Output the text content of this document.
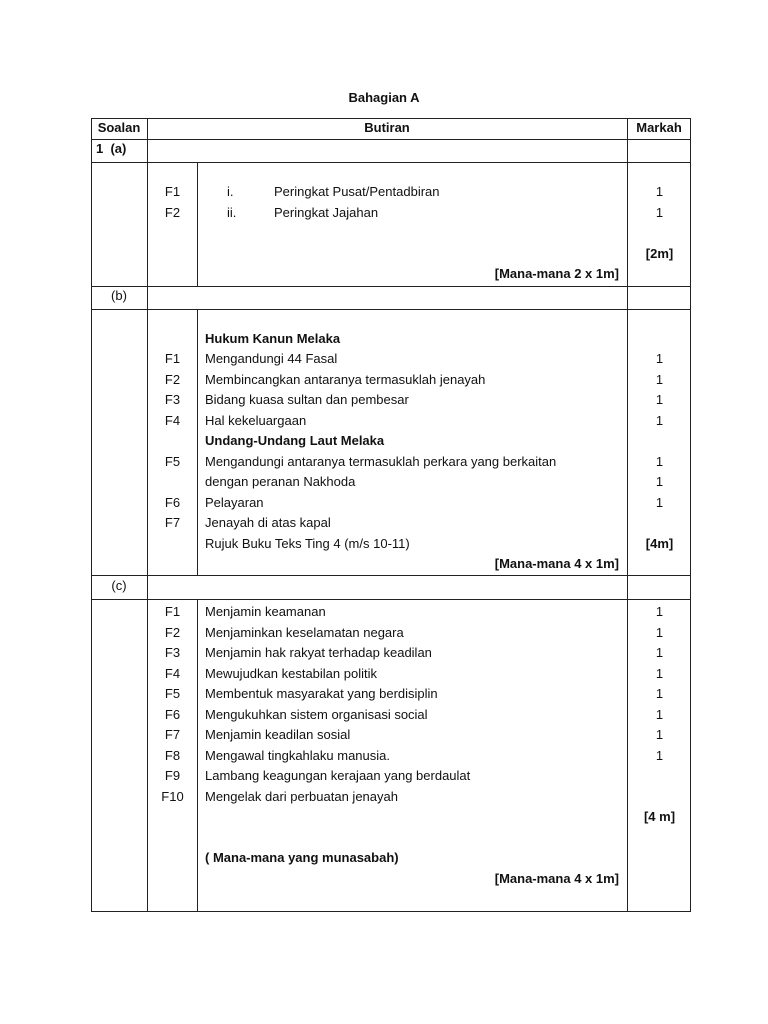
Bahagian A
Soalan	Butiran	Markah
1  (a)
F1	i.	Peringkat Pusat/Pentadbiran	1
F2	ii.	Peringkat Jajahan	1
[2m]
[Mana-mana 2 x 1m]
(b)
Hukum Kanun Melaka
F1	Mengandungi 44 Fasal	1
F2	Membincangkan antaranya termasuklah jenayah	1
F3	Bidang kuasa sultan dan pembesar	1
F4	Hal kekeluargaan	1
Undang-Undang Laut Melaka
F5	Mengandungi antaranya termasuklah perkara yang berkaitan	1
dengan peranan Nakhoda	1
F6	Pelayaran	1
F7	Jenayah di atas kapal
Rujuk Buku Teks Ting 4 (m/s 10-11)	[4m]
[Mana-mana 4 x 1m]
(c)
F1	Menjamin keamanan	1
F2	Menjaminkan keselamatan negara	1
F3	Menjamin hak rakyat terhadap keadilan	1
F4	Mewujudkan kestabilan politik	1
F5	Membentuk masyarakat yang berdisiplin	1
F6	Mengukuhkan sistem organisasi social	1
F7	Menjamin keadilan sosial	1
F8	Mengawal tingkahlaku manusia.	1
F9	Lambang keagungan kerajaan yang berdaulat
F10	Mengelak dari perbuatan jenayah
[4 m]
( Mana-mana yang munasabah)
[Mana-mana 4 x 1m]
